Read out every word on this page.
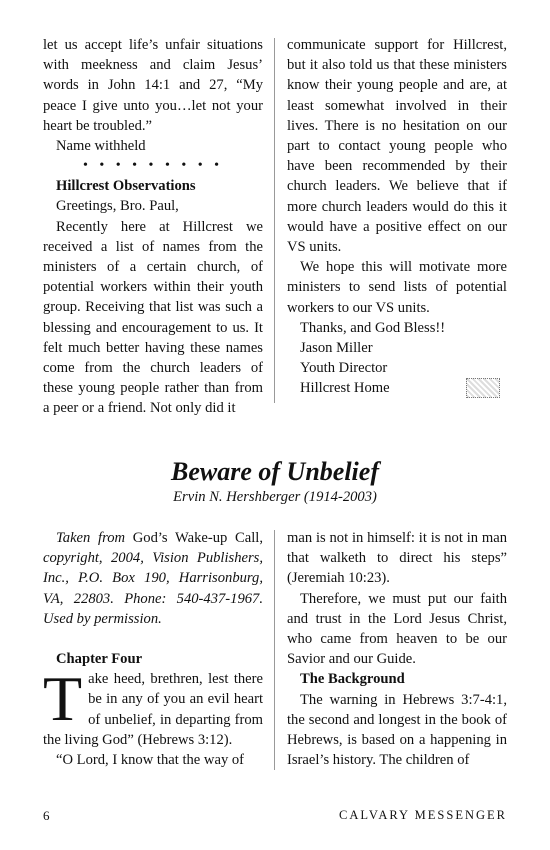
let us accept life’s unfair situations with meekness and claim Jesus’ words in John 14:1 and 27, “My peace I give unto you…let not your heart be troubled.”

Name withheld

• • • • • • • • •

Hillcrest Observations

Greetings, Bro. Paul,

Recently here at Hillcrest we received a list of names from the ministers of a certain church, of potential workers within their youth group. Receiving that list was such a blessing and encouragement to us. It felt much better having these names come from the church leaders of these young people rather than from a peer or a friend. Not only did it

communicate support for Hillcrest, but it also told us that these ministers know their young people and are, at least somewhat involved in their lives. There is no hesitation on our part to contact young people who have been recommended by their church leaders. We believe that if more church leaders would do this it would have a positive effect on our VS units.

We hope this will motivate more ministers to send lists of potential workers to our VS units.

Thanks, and God Bless!!

Jason Miller

Youth Director

Hillcrest Home

Beware of Unbelief
Ervin N. Hershberger (1914-2003)

Taken from God’s Wake-up Call, copyright, 2004, Vision Publishers, Inc., P.O. Box 190, Harrisonburg, VA, 22803. Phone: 540-437-1967. Used by permission.

Chapter Four

Take heed, brethren, lest there be in any of you an evil heart of unbelief, in departing from the living God” (Hebrews 3:12).

“O Lord, I know that the way of

man is not in himself: it is not in man that walketh to direct his steps” (Jeremiah 10:23).

Therefore, we must put our faith and trust in the Lord Jesus Christ, who came from heaven to be our Savior and our Guide.

The Background

The warning in Hebrews 3:7-4:1, the second and longest in the book of Hebrews, is based on a happening in Israel’s history. The children of

6	CALVARY MESSENGER
